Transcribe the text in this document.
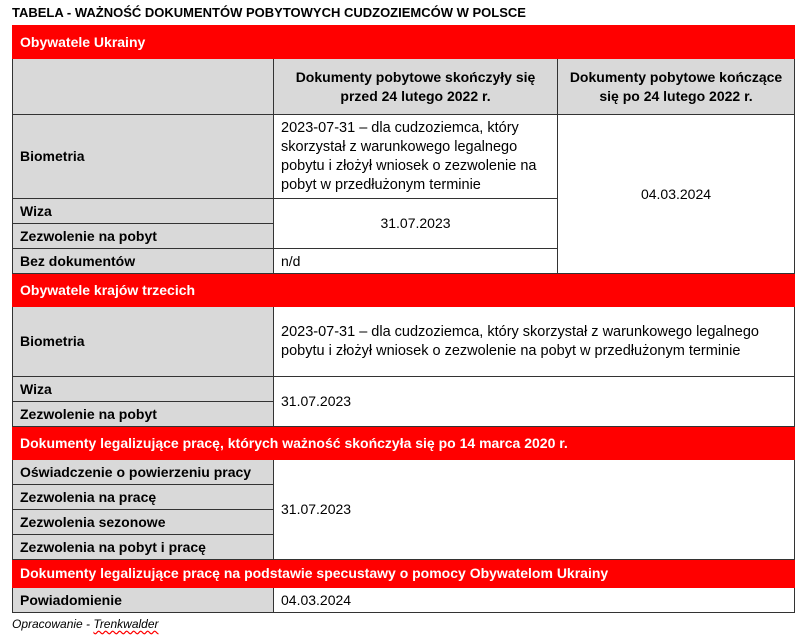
TABELA - WAŻNOŚĆ DOKUMENTÓW POBYTOWYCH CUDZOZIEMCÓW W POLSCE
Obywatele Ukrainy		
	Dokumenty pobytowe skończyły się przed 24 lutego 2022 r.	Dokumenty pobytowe kończące się po 24 lutego 2022 r.
Biometria	2023-07-31 – dla cudzoziemca, który skorzystał z warunkowego legalnego pobytu i złożył wniosek o zezwolenie na pobyt w przedłużonym terminie	04.03.2024
Wiza	31.07.2023	
Zezwolenie na pobyt		
Bez dokumentów	n/d	
Obywatele krajów trzecich		
Biometria	2023-07-31 – dla cudzoziemca, który skorzystał z warunkowego legalnego pobytu i złożył wniosek o zezwolenie na pobyt w przedłużonym terminie	
Wiza	31.07.2023	
Zezwolenie na pobyt		
Dokumenty legalizujące pracę, których ważność skończyła się po 14 marca 2020 r.		
Oświadczenie o powierzeniu pracy	31.07.2023	
Zezwolenia na pracę		
Zezwolenia sezonowe		
Zezwolenia na pobyt i pracę		
Dokumenty legalizujące pracę na podstawie specustawy o pomocy Obywatelom Ukrainy		
Powiadomienie	04.03.2024	
Opracowanie - Trenkwalder
